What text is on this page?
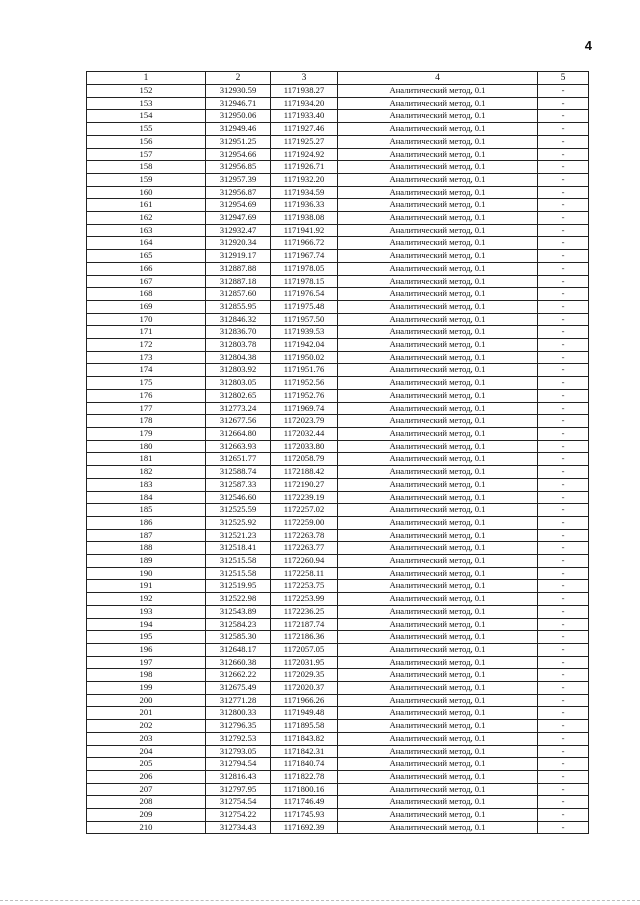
4
1	2	3	4	5
152	312930.59	1171938.27	Аналитический метод, 0.1	-
153	312946.71	1171934.20	Аналитический метод, 0.1	-
154	312950.06	1171933.40	Аналитический метод, 0.1	-
155	312949.46	1171927.46	Аналитический метод, 0.1	-
156	312951.25	1171925.27	Аналитический метод, 0.1	-
157	312954.66	1171924.92	Аналитический метод, 0.1	-
158	312956.85	1171926.71	Аналитический метод, 0.1	-
159	312957.39	1171932.20	Аналитический метод, 0.1	-
160	312956.87	1171934.59	Аналитический метод, 0.1	-
161	312954.69	1171936.33	Аналитический метод, 0.1	-
162	312947.69	1171938.08	Аналитический метод, 0.1	-
163	312932.47	1171941.92	Аналитический метод, 0.1	-
164	312920.34	1171966.72	Аналитический метод, 0.1	-
165	312919.17	1171967.74	Аналитический метод, 0.1	-
166	312887.88	1171978.05	Аналитический метод, 0.1	-
167	312887.18	1171978.15	Аналитический метод, 0.1	-
168	312857.60	1171976.54	Аналитический метод, 0.1	-
169	312855.95	1171975.48	Аналитический метод, 0.1	-
170	312846.32	1171957.50	Аналитический метод, 0.1	-
171	312836.70	1171939.53	Аналитический метод, 0.1	-
172	312803.78	1171942.04	Аналитический метод, 0.1	-
173	312804.38	1171950.02	Аналитический метод, 0.1	-
174	312803.92	1171951.76	Аналитический метод, 0.1	-
175	312803.05	1171952.56	Аналитический метод, 0.1	-
176	312802.65	1171952.76	Аналитический метод, 0.1	-
177	312773.24	1171969.74	Аналитический метод, 0.1	-
178	312677.56	1172023.79	Аналитический метод, 0.1	-
179	312664.80	1172032.44	Аналитический метод, 0.1	-
180	312663.93	1172033.80	Аналитический метод, 0.1	-
181	312651.77	1172058.79	Аналитический метод, 0.1	-
182	312588.74	1172188.42	Аналитический метод, 0.1	-
183	312587.33	1172190.27	Аналитический метод, 0.1	-
184	312546.60	1172239.19	Аналитический метод, 0.1	-
185	312525.59	1172257.02	Аналитический метод, 0.1	-
186	312525.92	1172259.00	Аналитический метод, 0.1	-
187	312521.23	1172263.78	Аналитический метод, 0.1	-
188	312518.41	1172263.77	Аналитический метод, 0.1	-
189	312515.58	1172260.94	Аналитический метод, 0.1	-
190	312515.58	1172258.11	Аналитический метод, 0.1	-
191	312519.95	1172253.75	Аналитический метод, 0.1	-
192	312522.98	1172253.99	Аналитический метод, 0.1	-
193	312543.89	1172236.25	Аналитический метод, 0.1	-
194	312584.23	1172187.74	Аналитический метод, 0.1	-
195	312585.30	1172186.36	Аналитический метод, 0.1	-
196	312648.17	1172057.05	Аналитический метод, 0.1	-
197	312660.38	1172031.95	Аналитический метод, 0.1	-
198	312662.22	1172029.35	Аналитический метод, 0.1	-
199	312675.49	1172020.37	Аналитический метод, 0.1	-
200	312771.28	1171966.26	Аналитический метод, 0.1	-
201	312800.33	1171949.48	Аналитический метод, 0.1	-
202	312796.35	1171895.58	Аналитический метод, 0.1	-
203	312792.53	1171843.82	Аналитический метод, 0.1	-
204	312793.05	1171842.31	Аналитический метод, 0.1	-
205	312794.54	1171840.74	Аналитический метод, 0.1	-
206	312816.43	1171822.78	Аналитический метод, 0.1	-
207	312797.95	1171800.16	Аналитический метод, 0.1	-
208	312754.54	1171746.49	Аналитический метод, 0.1	-
209	312754.22	1171745.93	Аналитический метод, 0.1	-
210	312734.43	1171692.39	Аналитический метод, 0.1	-
